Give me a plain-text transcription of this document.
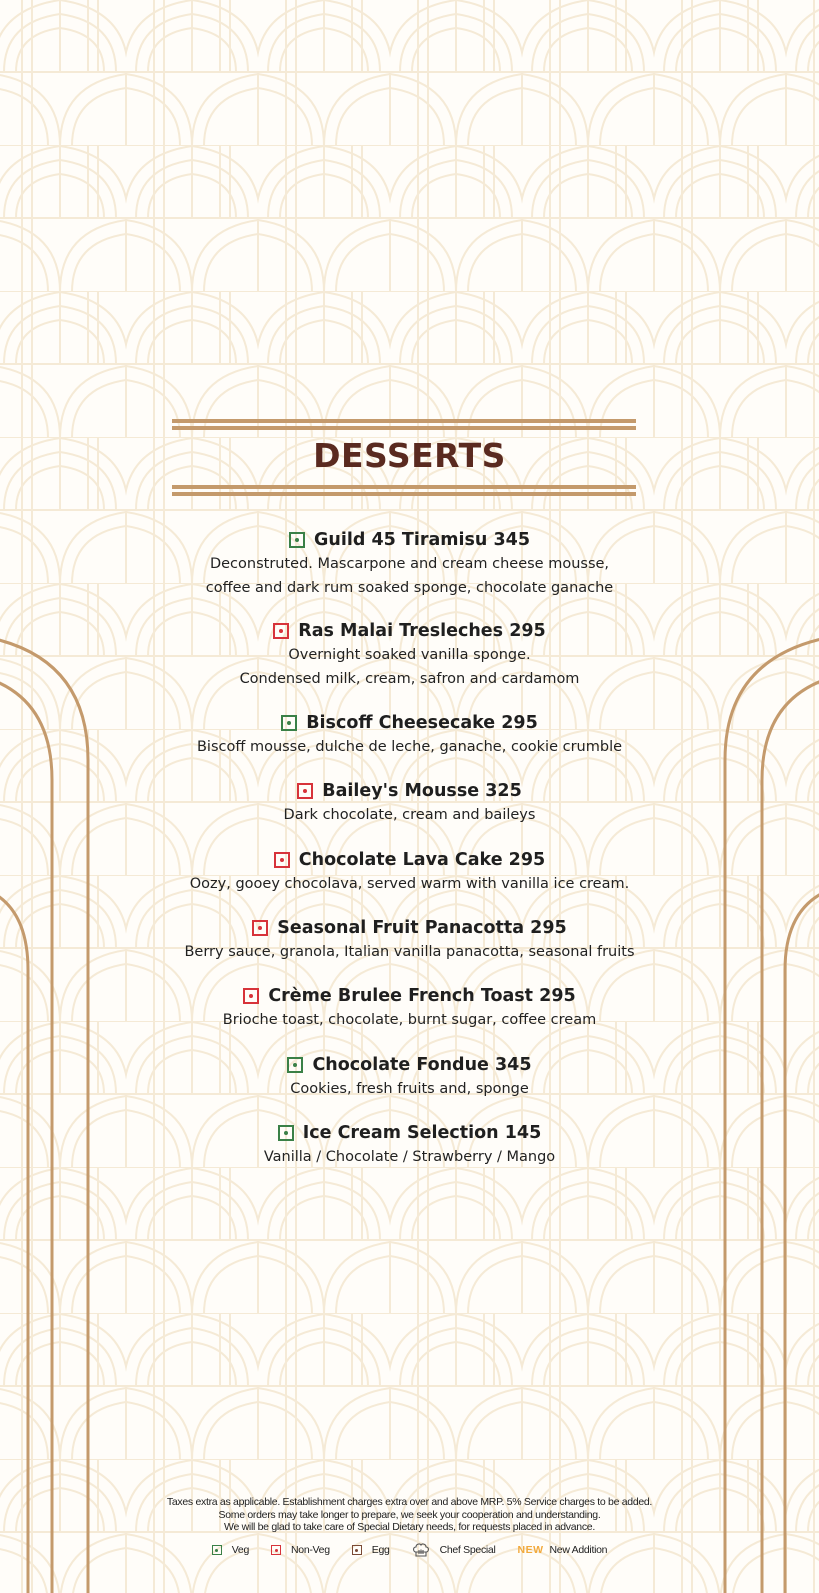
DESSERTS
Guild 45 Tiramisu 345
Deconstruted. Mascarpone and cream cheese mousse,
coffee and dark rum soaked sponge, chocolate ganache
Ras Malai Tresleches 295
Overnight soaked vanilla sponge.
Condensed milk, cream, safron and cardamom
Biscoff Cheesecake 295
Biscoff mousse, dulche de leche, ganache, cookie crumble
Bailey's Mousse 325
Dark chocolate, cream and baileys
Chocolate Lava Cake 295
Oozy, gooey chocolava, served warm with vanilla ice cream.
Seasonal Fruit Panacotta 295
Berry sauce, granola, Italian vanilla panacotta, seasonal fruits
Crème Brulee French Toast 295
Brioche toast, chocolate, burnt sugar, coffee cream
Chocolate Fondue 345
Cookies, fresh fruits and, sponge
Ice Cream Selection 145
Vanilla / Chocolate / Strawberry / Mango
Taxes extra as applicable. Establishment charges extra over and above MRP. 5% Service charges to be added.
Some orders may take longer to prepare, we seek your cooperation and understanding.
We will be glad to take care of Special Dietary needs, for requests placed in advance.
Veg	Non-Veg	Egg	Chef Special NEW New Addition
